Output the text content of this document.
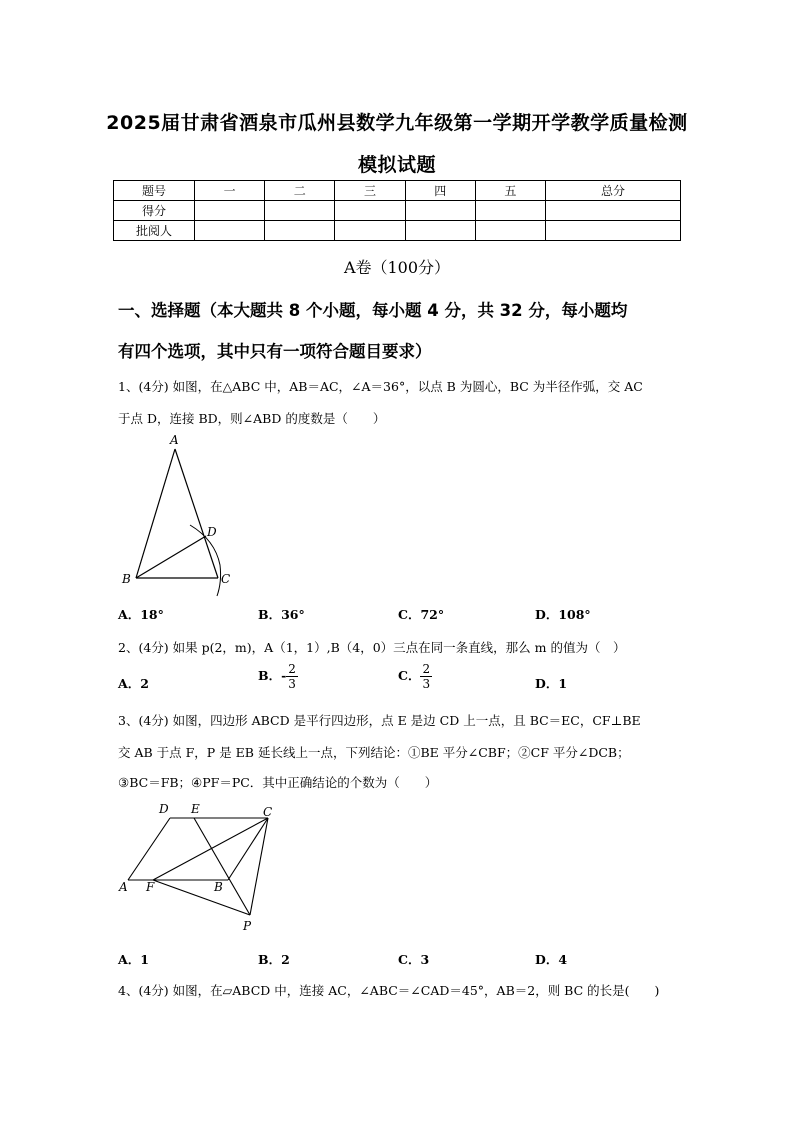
2025届甘肃省酒泉市瓜州县数学九年级第一学期开学教学质量检测
模拟试题
题号	一	二	三	四	五	总分
得分						
批阅人						
A卷（100分）
一、选择题（本大题共 8 个小题，每小题 4 分，共 32 分，每小题均
有四个选项，其中只有一项符合题目要求）
1、(4分) 如图，在△ABC 中，AB＝AC，∠A＝36°，以点 B 为圆心，BC 为半径作弧，交 AC
于点 D，连接 BD，则∠ABD 的度数是（　　）
A
B	C
D
A．18°	B．36°	C．72°	D．108°
2、(4分) 如果 p(2，m)，A（1，1）,B（4，0）三点在同一条直线，那么 m 的值为（　）
A．2
B．- $\frac{2}{3}$	C． $\frac{2}{3}$	D．1
3、(4分) 如图，四边形 ABCD 是平行四边形，点 E 是边 CD 上一点，且 BC＝EC，CF⊥BE
交 AB 于点 F，P 是 EB 延长线上一点，下列结论：①BE 平分∠CBF；②CF 平分∠DCB；
③BC＝FB；④PF＝PC．其中正确结论的个数为（　　）
D E	C
A F	B
P
A．1	B．2	C．3	D．4
4、(4分) 如图，在▱ABCD 中，连接 AC，∠ABC＝∠CAD＝45°，AB＝2，则 BC 的长是(　　)
